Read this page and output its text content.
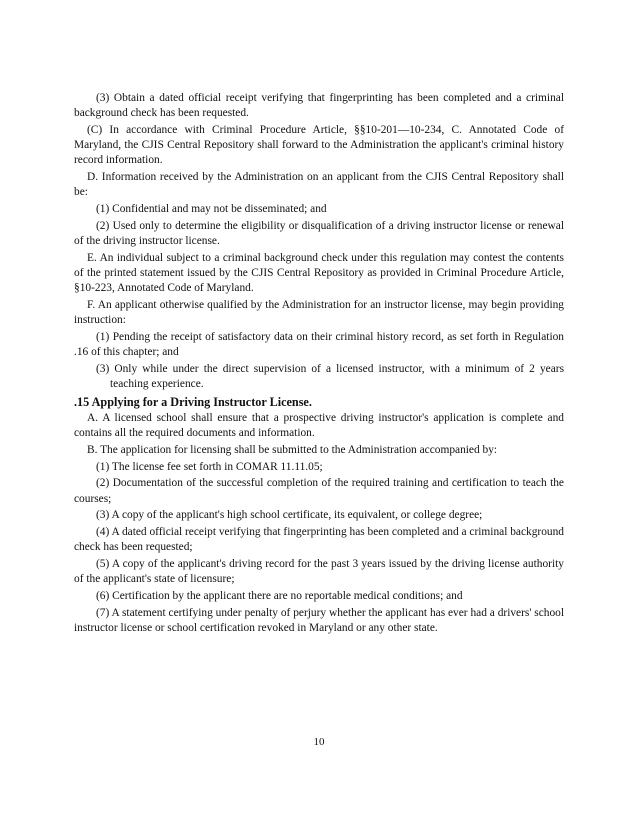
(3) Obtain a dated official receipt verifying that fingerprinting has been completed and a criminal background check has been requested.

(C) In accordance with Criminal Procedure Article, §§10-201—10-234, C. Annotated Code of Maryland, the CJIS Central Repository shall forward to the Administration the applicant's criminal history record information.

D. Information received by the Administration on an applicant from the CJIS Central Repository shall be:

(1) Confidential and may not be disseminated; and

(2) Used only to determine the eligibility or disqualification of a driving instructor license or renewal of the driving instructor license.

E. An individual subject to a criminal background check under this regulation may contest the contents of the printed statement issued by the CJIS Central Repository as provided in Criminal Procedure Article, §10-223, Annotated Code of Maryland.

F. An applicant otherwise qualified by the Administration for an instructor license, may begin providing instruction:

(1) Pending the receipt of satisfactory data on their criminal history record, as set forth in Regulation .16 of this chapter; and

(3) Only while under the direct supervision of a licensed instructor, with a minimum of 2 years teaching experience.

.15 Applying for a Driving Instructor License.

A. A licensed school shall ensure that a prospective driving instructor's application is complete and contains all the required documents and information.

B. The application for licensing shall be submitted to the Administration accompanied by:

(1) The license fee set forth in COMAR 11.11.05;

(2) Documentation of the successful completion of the required training and certification to teach the courses;

(3) A copy of the applicant's high school certificate, its equivalent, or college degree;

(4) A dated official receipt verifying that fingerprinting has been completed and a criminal background check has been requested;

(5) A copy of the applicant's driving record for the past 3 years issued by the driving license authority of the applicant's state of licensure;

(6) Certification by the applicant there are no reportable medical conditions; and

(7) A statement certifying under penalty of perjury whether the applicant has ever had a drivers' school instructor license or school certification revoked in Maryland or any other state.

10
